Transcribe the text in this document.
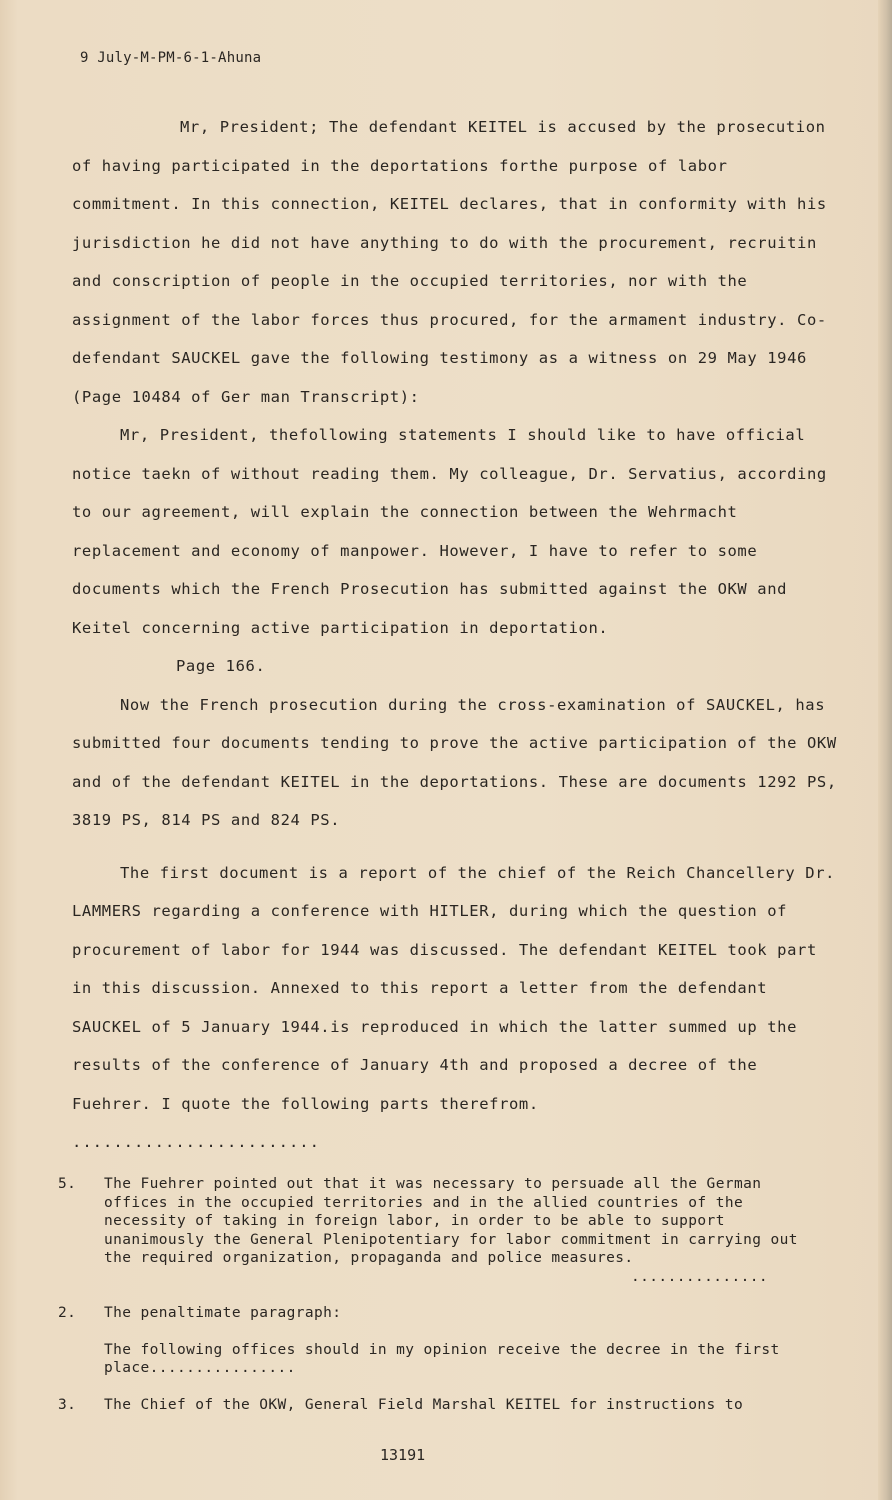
9 July-M-PM-6-1-Ahuna

Mr, President; The defendant KEITEL is accused by the prosecution of having participated in the deportations forthe purpose of labor commitment. In this connection, KEITEL declares, that in conformity with his jurisdiction he did not have anything to do with the procurement, recruitin and conscription of people in the occupied territories, nor with the assignment of the labor forces thus procured, for the armament industry. Co-defendant SAUCKEL gave the following testimony as a witness on 29 May 1946 (Page 10484 of Ger man Transcript):

Mr, President, thefollowing statements I should like to have official notice taekn of without reading them. My colleague, Dr. Servatius, according to our agreement, will explain the connection between the Wehrmacht replacement and economy of manpower. However, I have to refer to some documents which the French Prosecution has submitted against the OKW and Keitel concerning active participation in deportation.

Page 166.

Now the French prosecution during the cross-examination of SAUCKEL, has submitted four documents tending to prove the active participation of the OKW and of the defendant KEITEL in the deportations. These are documents 1292 PS, 3819 PS, 814 PS and 824 PS.

The first document is a report of the chief of the Reich Chancellery Dr. LAMMERS regarding a conference with HITLER, during which the question of procurement of labor for 1944 was discussed. The defendant KEITEL took part in this discussion. Annexed to this report a letter from the defendant SAUCKEL of 5 January 1944.is reproduced in which the latter summed up the results of the conference of January 4th and proposed a decree of the Fuehrer. I quote the following parts therefrom.

........................

5.	The Fuehrer pointed out that it was necessary to persuade all the German offices in the occupied territories and in the allied countries of the necessity of taking in foreign labor, in order to be able to support unanimously the General Plenipotentiary for labor commitment in carrying out the required organization, propaganda and police measures.
...............
2.	The penaltimate paragraph:
The following offices should in my opinion receive the decree in the first place................
3.	The Chief of the OKW, General Field Marshal KEITEL for instructions to
13191
